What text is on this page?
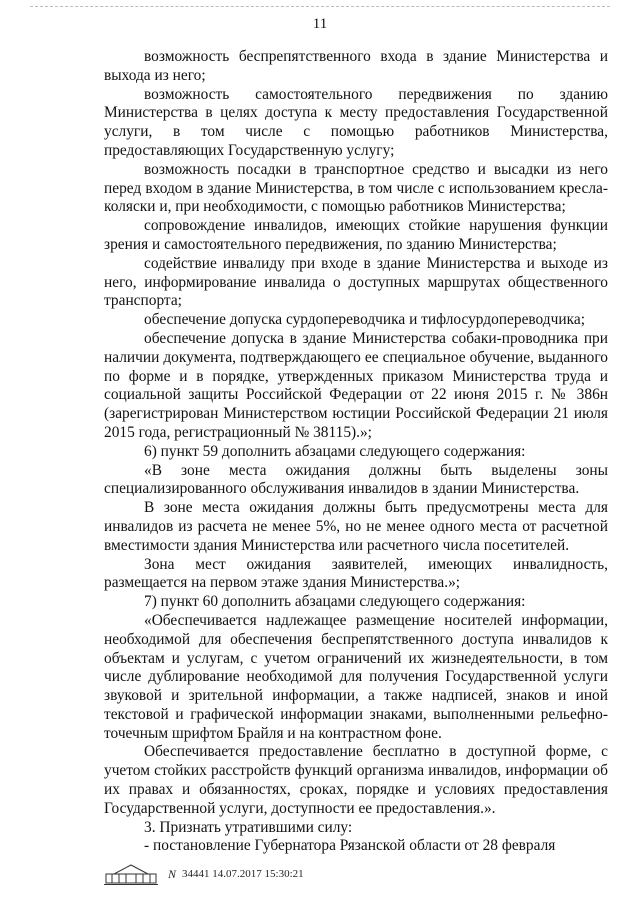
11

возможность беспрепятственного входа в здание Министерства и выхода из него;

возможность самостоятельного передвижения по зданию Министерства в целях доступа к месту предоставления Государственной услуги, в том числе с помощью работников Министерства, предоставляющих Государственную услугу;

возможность посадки в транспортное средство и высадки из него перед входом в здание Министерства, в том числе с использованием кресла-коляски и, при необходимости, с помощью работников Министерства;

сопровождение инвалидов, имеющих стойкие нарушения функции зрения и самостоятельного передвижения, по зданию Министерства;

содействие инвалиду при входе в здание Министерства и выходе из него, информирование инвалида о доступных маршрутах общественного транспорта;

обеспечение допуска сурдопереводчика и тифлосурдопереводчика;

обеспечение допуска в здание Министерства собаки-проводника при наличии документа, подтверждающего ее специальное обучение, выданного по форме и в порядке, утвержденных приказом Министерства труда и социальной защиты Российской Федерации от 22 июня 2015 г. № 386н (зарегистрирован Министерством юстиции Российской Федерации 21 июля 2015 года, регистрационный № 38115).»;

6) пункт 59 дополнить абзацами следующего содержания:

«В зоне места ожидания должны быть выделены зоны специализированного обслуживания инвалидов в здании Министерства.

В зоне места ожидания должны быть предусмотрены места для инвалидов из расчета не менее 5%, но не менее одного места от расчетной вместимости здания Министерства или расчетного числа посетителей.

Зона мест ожидания заявителей, имеющих инвалидность, размещается на первом этаже здания Министерства.»;

7) пункт 60 дополнить абзацами следующего содержания:

«Обеспечивается надлежащее размещение носителей информации, необходимой для обеспечения беспрепятственного доступа инвалидов к объектам и услугам, с учетом ограничений их жизнедеятельности, в том числе дублирование необходимой для получения Государственной услуги звуковой и зрительной информации, а также надписей, знаков и иной текстовой и графической информации знаками, выполненными рельефно-точечным шрифтом Брайля и на контрастном фоне.

Обеспечивается предоставление бесплатно в доступной форме, с учетом стойких расстройств функций организма инвалидов, информации об их правах и обязанностях, сроках, порядке и условиях предоставления Государственной услуги, доступности ее предоставления.».

3. Признать утратившими силу:

- постановление Губернатора Рязанской области от 28 февраля

N 34441 14.07.2017 15:30:21
